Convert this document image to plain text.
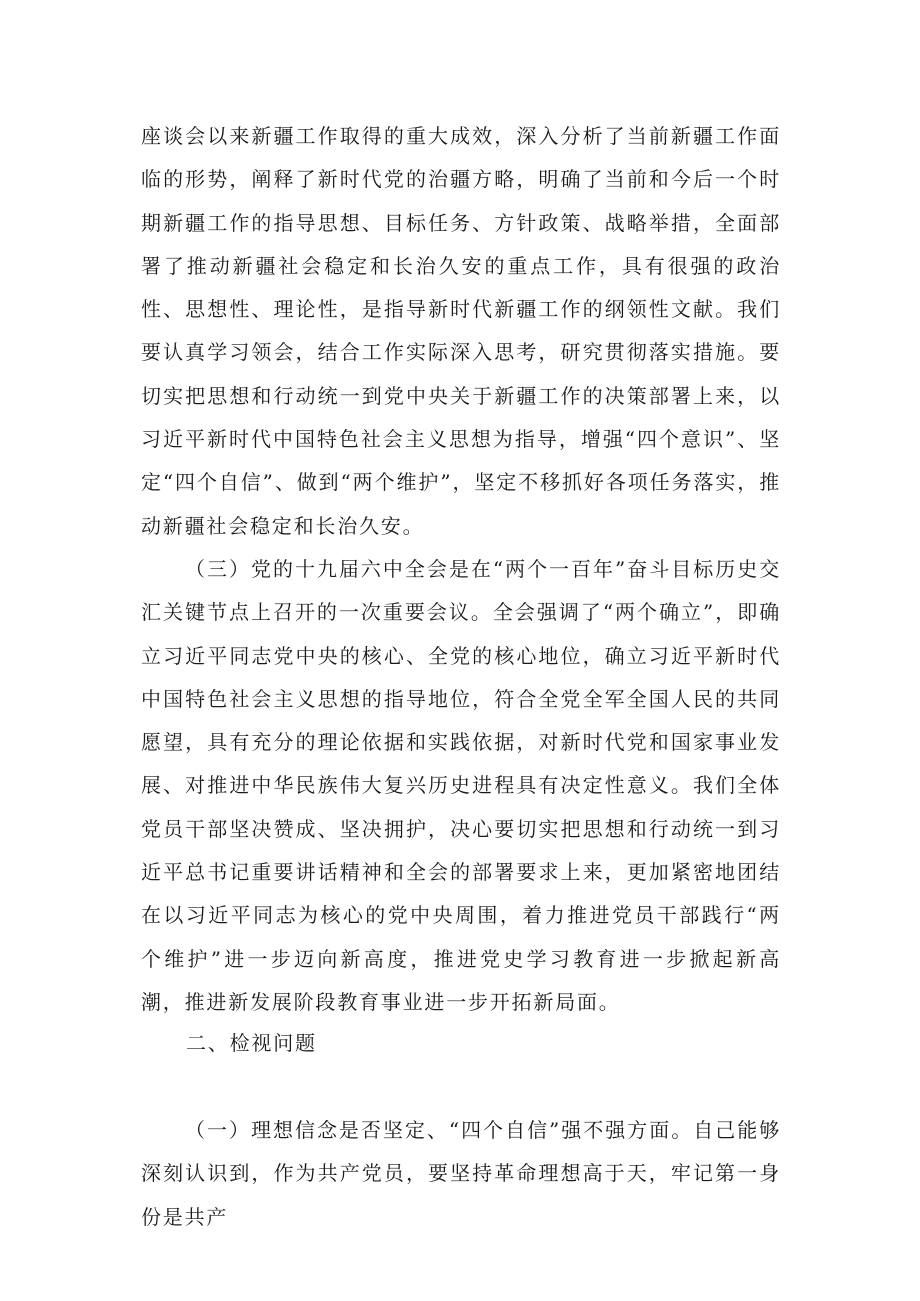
座谈会以来新疆工作取得的重大成效，深入分析了当前新疆工作面临的形势，阐释了新时代党的治疆方略，明确了当前和今后一个时期新疆工作的指导思想、目标任务、方针政策、战略举措，全面部署了推动新疆社会稳定和长治久安的重点工作，具有很强的政治性、思想性、理论性，是指导新时代新疆工作的纲领性文献。我们要认真学习领会，结合工作实际深入思考，研究贯彻落实措施。要切实把思想和行动统一到党中央关于新疆工作的决策部署上来，以习近平新时代中国特色社会主义思想为指导，增强“四个意识”、坚定“四个自信”、做到“两个维护”，坚定不移抓好各项任务落实，推动新疆社会稳定和长治久安。

（三）党的十九届六中全会是在“两个一百年”奋斗目标历史交汇关键节点上召开的一次重要会议。全会强调了“两个确立”，即确立习近平同志党中央的核心、全党的核心地位，确立习近平新时代中国特色社会主义思想的指导地位，符合全党全军全国人民的共同愿望，具有充分的理论依据和实践依据，对新时代党和国家事业发展、对推进中华民族伟大复兴历史进程具有决定性意义。我们全体党员干部坚决赞成、坚决拥护，决心要切实把思想和行动统一到习近平总书记重要讲话精神和全会的部署要求上来，更加紧密地团结在以习近平同志为核心的党中央周围，着力推进党员干部践行“两个维护”进一步迈向新高度，推进党史学习教育进一步掀起新高潮，推进新发展阶段教育事业进一步开拓新局面。

二、检视问题

（一）理想信念是否坚定、“四个自信”强不强方面。自己能够深刻认识到，作为共产党员，要坚持革命理想高于天，牢记第一身份是共产
